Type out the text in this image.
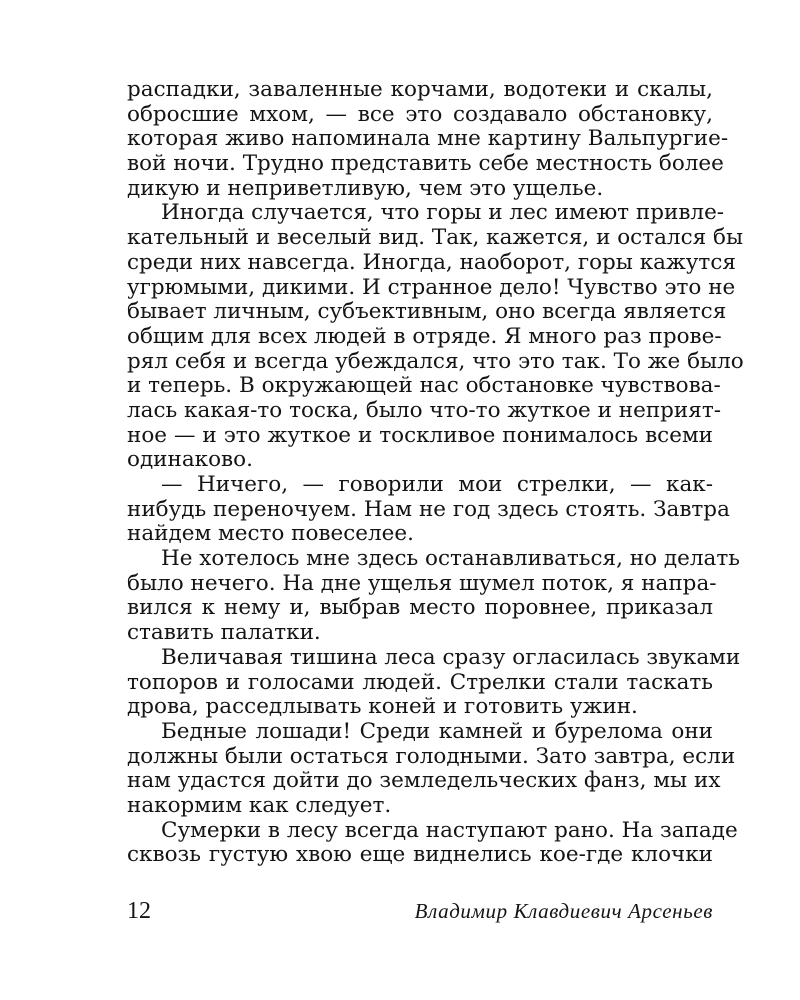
распадки, заваленные корчами, водотеки и скалы,
обросшие мхом, — все это создавало обстановку,
которая живо напоминала мне картину Вальпургие-
вой ночи. Трудно представить себе местность более
дикую и неприветливую, чем это ущелье.
Иногда случается, что горы и лес имеют привле-
кательный и веселый вид. Так, кажется, и остался бы
среди них навсегда. Иногда, наоборот, горы кажутся
угрюмыми, дикими. И странное дело! Чувство это не
бывает личным, субъективным, оно всегда является
общим для всех людей в отряде. Я много раз прове-
рял себя и всегда убеждался, что это так. То же было
и теперь. В окружающей нас обстановке чувствова-
лась какая-то тоска, было что-то жуткое и неприят-
ное — и это жуткое и тоскливое понималось всеми
одинаково.
— Ничего, — говорили мои стрелки, — как-
нибудь переночуем. Нам не год здесь стоять. Завтра
найдем место повеселее.
Не хотелось мне здесь останавливаться, но делать
было нечего. На дне ущелья шумел поток, я напра-
вился к нему и, выбрав место поровнее, приказал
ставить палатки.
Величавая тишина леса сразу огласилась звуками
топоров и голосами людей. Стрелки стали таскать
дрова, расседлывать коней и готовить ужин.
Бедные лошади! Среди камней и бурелома они
должны были остаться голодными. Зато завтра, если
нам удастся дойти до земледельческих фанз, мы их
накормим как следует.
Сумерки в лесу всегда наступают рано. На западе
сквозь густую хвою еще виднелись кое-где клочки
12	Владимир Клавдиевич Арсеньев
